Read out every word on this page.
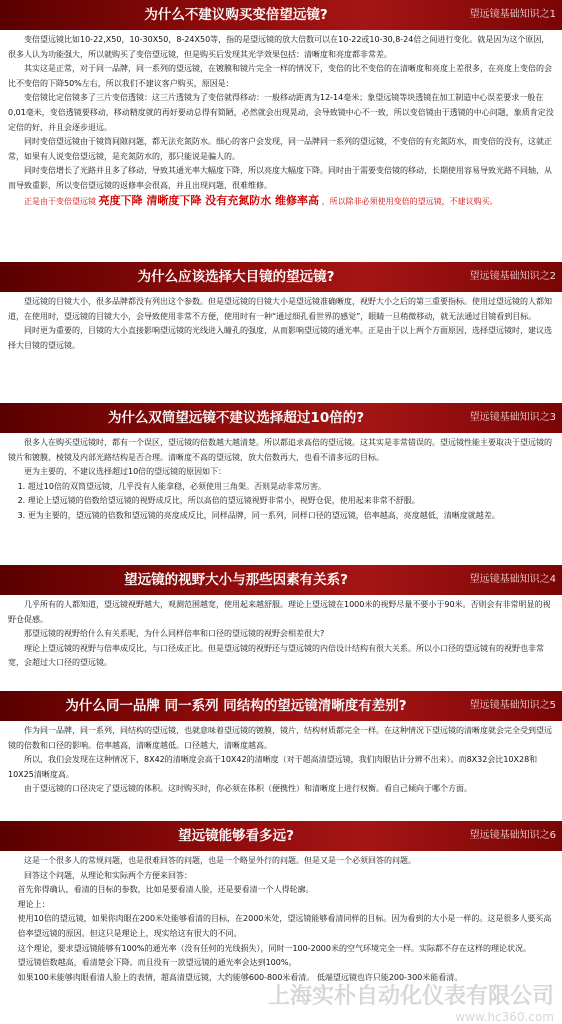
为什么不建议购买变倍望远镜?	望远镜基础知识之1

变倍望远镜比如10-22,X50，10-30X50，8-24X50等，指的是望远镜的放大倍数可以在10-22或10-30,8-24倍之间进行变化。就是因为这个原因，很多人认为功能强大，所以就购买了变倍望远镜，但是购买后发现其光学效果包括：清晰度和亮度都非常差。

其实这是正常，对于同一品牌，同一系列的望远镜，在镀膜和镜片完全一样的情况下，变倍的比不变倍的在清晰度和亮度上差很多，在亮度上变倍的会比不变倍的下降50%左右，所以我们不建议客户购买，原因是：

变倍镜比定倍镜多了三片变倍透镜：这三片透镜为了变倍就得移动：一般移动距离为12-14毫米；象望远镜等块透镜在加工制造中心误差要求一般在0,01毫米，变倍透镜要移动，移动精度就的再好要动总得有简陋，必然就会出现晃动，会导致镜中心不一致，所以变倍镜由于透镜的中心问题，象质肯定没定倍的好，并且会逐步退远。

同时变倍望远镜由于镜筒间隙问题，都无法充氮防水。细心的客户会发现，同一品牌同一系列的望远镜，不变倍的有充氮防水，而变倍的没有，这就正常，如果有人说变倍望远镜，是充氮防水的，那只能说是骗人的。

同时变倍增长了光路并且多了移动，导致其通光率大幅度下降，所以亮度大幅度下降。同时由于需要变倍镜的移动，长期使用容易导致光路不同轴，从而导致重影，所以变倍望远镜的返修率会很高，并且出现问题，很难维修。

正是由于变倍望远镜 亮度下降 清晰度下降 没有充氮防水 维修率高 ，所以除非必须使用变倍的望远镜，不建议购买。

为什么应该选择大目镜的望远镜?	望远镜基础知识之2

望远镜的目镜大小，很多品牌都没有列出这个参数。但是望远镜的目镜大小是望远镜准确晰度，视野大小之后的第三重要指标。使用过望远镜的人都知道，在使用时，望远镜的目镜大小，会导致使用非常不方便，使用时有一种“通过细孔看世界的感觉”，眼睛一旦稍微移动，就无法通过目镜看到目标。

同时更为重要的，目镜的大小直接影响望远镜的光线进入瞳孔的强度，从而影响望远镜的通光率。正是由于以上两个方面原因，选择望远镜时，建议选择大目镜的望远镜。

为什么双筒望远镜不建议选择超过10倍的?	望远镜基础知识之3

很多人在购买望远镜时，都有一个误区，望远镜的倍数越大越清楚。所以都追求高倍的望远镜。这其实是非常错误的。望远镜性能主要取决于望远镜的镜片和镀膜、棱镜及内部光路结构是否合理。清晰度不高的望远镜，放大倍数再大，也看不清多远的目标。

更为主要的，不建议选择超过10倍的望远镜的原因如下：

1. 超过10倍的双筒望远镜，几乎没有人能拿稳，必须使用三角架。否则晃动非常厉害。

2. 理论上望远镜的倍数给望远镜的视野成反比，所以高倍的望远镜视野非常小，视野仓促，使用起来非常不舒服。

3. 更为主要的，望远镜的倍数和望远镜的亮度成反比，同样品牌，同一系列，同样口径的望远镜，倍率越高，亮度越低，清晰度就越差。

望远镜的视野大小与那些因素有关系?	望远镜基础知识之4

几乎所有的人都知道，望远镜视野越大，观测范围越宽，使用起来越舒服。理论上望远镜在1000米的视野尽量不要小于90米。否则会有非常明显的视野仓促感。

那望远镜的视野给什么有关系呢，为什么同样倍率和口径的望远镜的视野会相差很大?

理论上望远镜的视野与倍率成反比，与口径成正比。但是望远镜的视野还与望远镜的内倍设计结构有很大关系。所以小口径的望远镜有的视野也非常宽，会超过大口径的望远镜。

为什么同一品牌 同一系列 同结构的望远镜清晰度有差别?	望远镜基础知识之5

作为同一品牌，同一系列，同结构的望远镜，也就意味着望远镜的镀膜，镜片，结构材质都完全一样。在这种情况下望远镜的清晰度就会完全受到望远镜的倍数和口径的影响。倍率越高，清晰度越低。口径越大，清晰度越高。

所以，我们会发现在这种情况下，8X42的清晰度会高于10X42的清晰度（对于超高清望远镜，我们肉眼估计分辨不出来）。而8X32会比10X28和10X25清晰度高。

由于望远镜的口径决定了望远镜的体积。这时购买时，你必须在体积（便携性）和清晰度上进行权衡。看自己倾向于哪个方面。

望远镜能够看多远?	望远镜基础知识之6

这是一个很多人的常规问题，也是很难回答的问题，也是一个略显外行的问题。但是又是一个必须回答的问题。

回答这个问题，从理论和实际两个方便来回答：

首先你得确认，看清的目标的参数，比如是要看清人脸，还是要看清一个人得轮廓。

理论上：

使用10倍的望远镜，如果你肉眼在200米处能够看清的目标，在2000米处，望远镜能够看清同样的目标。因为看到的大小是一样的。这是很多人要买高倍率望远镜的原因。但这只是理论上，现实给这有很大的不同。

这个理论，要求望远镜能够有100%的通光率（没有任何的光线损失），同时一100-2000米的空气环境完全一样。实际都不存在这样的理论状况。

望远镜倍数越高，看清楚会下降。而且没有一款望远镜的通光率会达到100%。

如果100米能够肉眼看清人脸上的表情，超高清望远镜，大约能够600-800米看清。 低端望远镜也许只能200-300米能看清。

上海实朴自动化仪表有限公司
www.hc360.com
